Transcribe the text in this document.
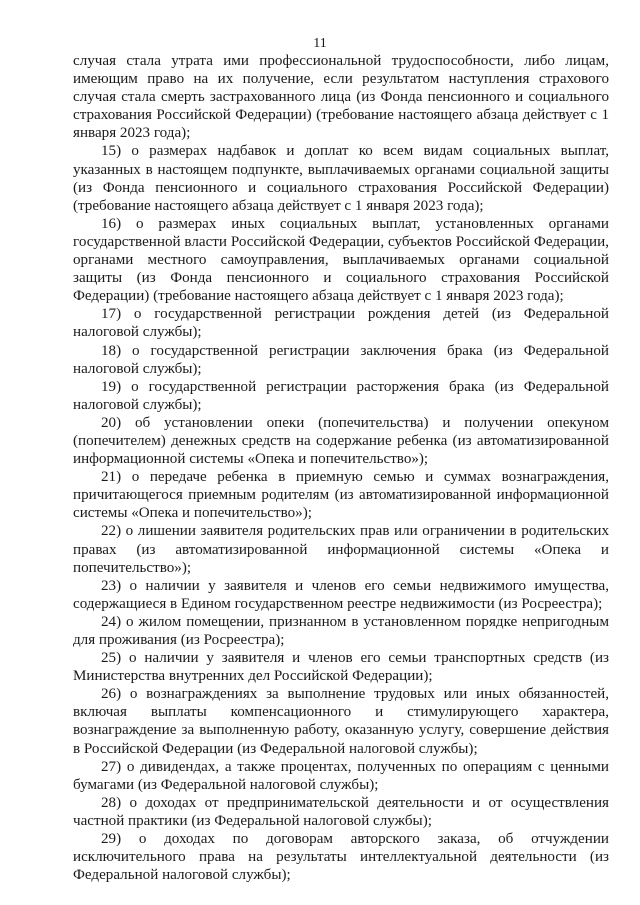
11

случая стала утрата ими профессиональной трудоспособности, либо лицам, имеющим право на их получение, если результатом наступления страхового случая стала смерть застрахованного лица (из Фонда пенсионного и социального страхования Российской Федерации) (требование настоящего абзаца действует с 1 января 2023 года);

15) о размерах надбавок и доплат ко всем видам социальных выплат, указанных в настоящем подпункте, выплачиваемых органами социальной защиты (из Фонда пенсионного и социального страхования Российской Федерации) (требование настоящего абзаца действует с 1 января 2023 года);

16) о размерах иных социальных выплат, установленных органами государственной власти Российской Федерации, субъектов Российской Федерации, органами местного самоуправления, выплачиваемых органами социальной защиты (из Фонда пенсионного и социального страхования Российской Федерации) (требование настоящего абзаца действует с 1 января 2023 года);

17) о государственной регистрации рождения детей (из Федеральной налоговой службы);

18) о государственной регистрации заключения брака (из Федеральной налоговой службы);

19) о государственной регистрации расторжения брака (из Федеральной налоговой службы);

20) об установлении опеки (попечительства) и получении опекуном (попечителем) денежных средств на содержание ребенка (из автоматизированной информационной системы «Опека и попечительство»);

21) о передаче ребенка в приемную семью и суммах вознаграждения, причитающегося приемным родителям (из автоматизированной информационной системы «Опека и попечительство»);

22) о лишении заявителя родительских прав или ограничении в родительских правах (из автоматизированной информационной системы «Опека и попечительство»);

23) о наличии у заявителя и членов его семьи недвижимого имущества, содержащиеся в Едином государственном реестре недвижимости (из Росреестра);

24) о жилом помещении, признанном в установленном порядке непригодным для проживания (из Росреестра);

25) о наличии у заявителя и членов его семьи транспортных средств (из Министерства внутренних дел Российской Федерации);

26) о вознаграждениях за выполнение трудовых или иных обязанностей, включая выплаты компенсационного и стимулирующего характера, вознаграждение за выполненную работу, оказанную услугу, совершение действия в Российской Федерации (из Федеральной налоговой службы);

27) о дивидендах, а также процентах, полученных по операциям с ценными бумагами (из Федеральной налоговой службы);

28) о доходах от предпринимательской деятельности и от осуществления частной практики (из Федеральной налоговой службы);

29) о доходах по договорам авторского заказа, об отчуждении исключительного права на результаты интеллектуальной деятельности (из Федеральной налоговой службы);
